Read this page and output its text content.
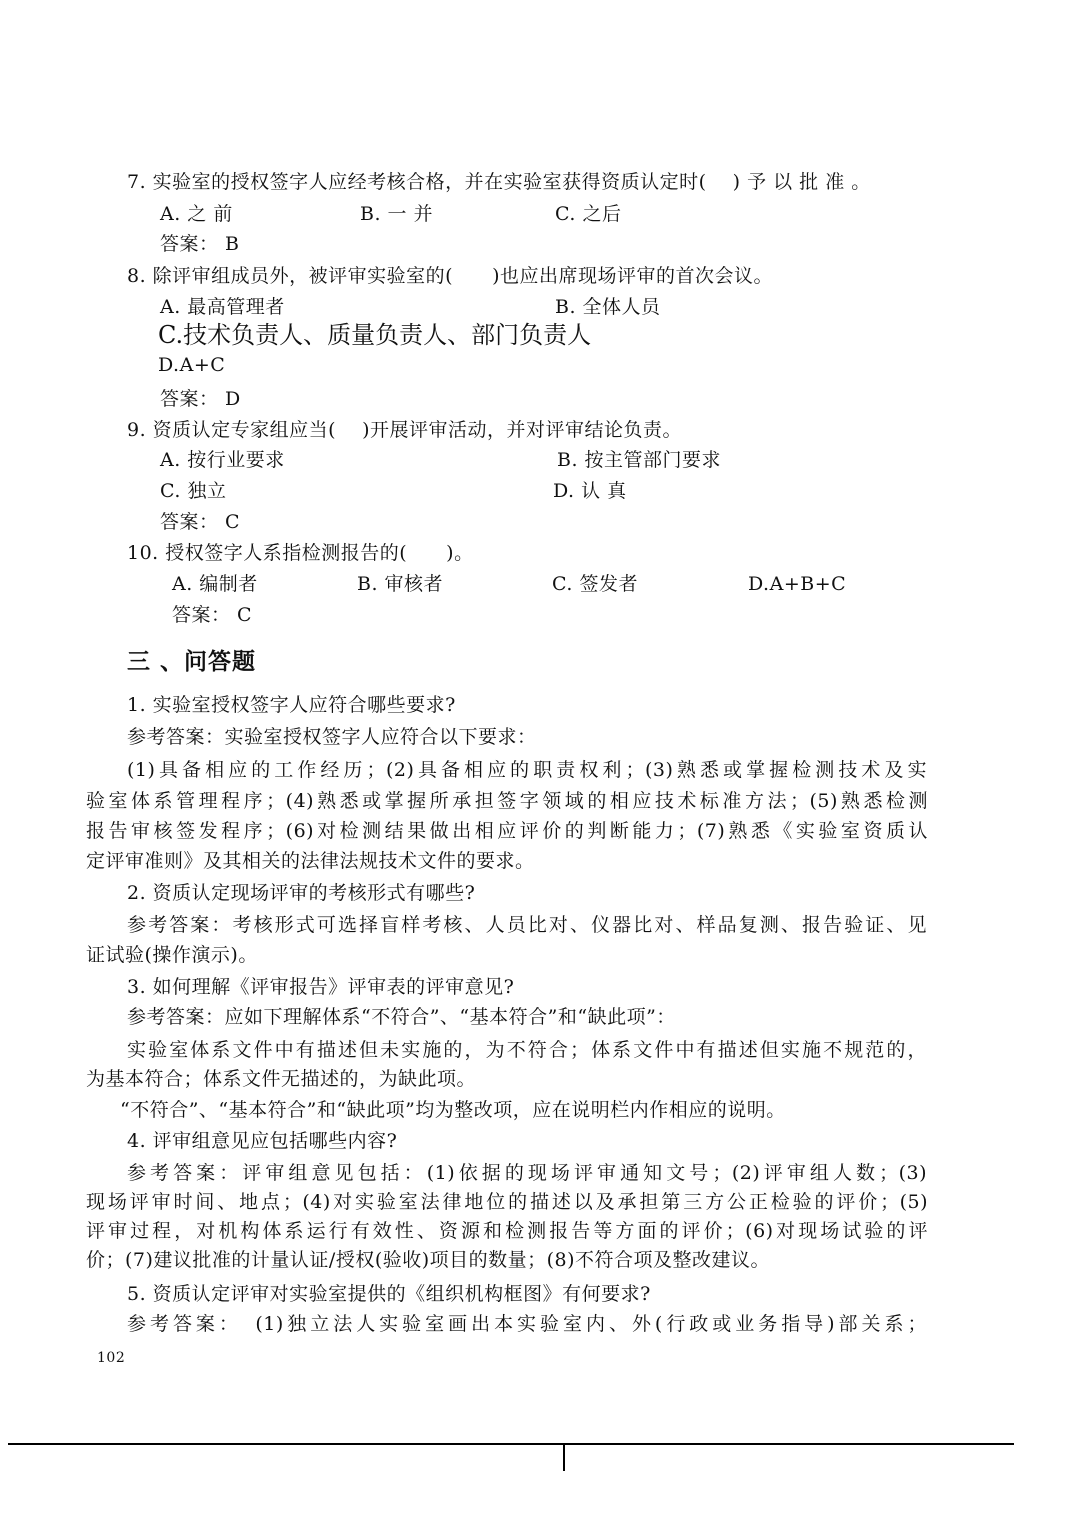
7. 实验室的授权签字人应经考核合格，并在实验室获得资质认定时(　 ) 予 以 批 准 。
A. 之 前	B. 一 并	C. 之后
答案： B
8. 除评审组成员外，被评审实验室的(　　)也应出席现场评审的首次会议。
A. 最高管理者	B. 全体人员
C.技术负责人、质量负责人、部门负责人
D.A+C
答案： D
9. 资质认定专家组应当(　 )开展评审活动，并对评审结论负责。
A. 按行业要求	B. 按主管部门要求
C. 独立	D. 认 真
答案： C
10. 授权签字人系指检测报告的(　　)。
A. 编制者	B. 审核者	C. 签发者	D.A+B+C
答案： C
三 、问答题
1. 实验室授权签字人应符合哪些要求?
参考答案：实验室授权签字人应符合以下要求：
(1)具备相应的工作经历；(2)具备相应的职责权利；(3)熟悉或掌握检测技术及实
验室体系管理程序；(4)熟悉或掌握所承担签字领域的相应技术标准方法；(5)熟悉检测
报告审核签发程序；(6)对检测结果做出相应评价的判断能力；(7)熟悉《实验室资质认
定评审准则》及其相关的法律法规技术文件的要求。
2. 资质认定现场评审的考核形式有哪些?
参考答案：考核形式可选择盲样考核、人员比对、仪器比对、样品复测、报告验证、见
证试验(操作演示)。
3. 如何理解《评审报告》评审表的评审意见?
参考答案：应如下理解体系“不符合”、“基本符合”和“缺此项”：
实验室体系文件中有描述但未实施的，为不符合；体系文件中有描述但实施不规范的，
为基本符合；体系文件无描述的，为缺此项。
“不符合”、“基本符合”和“缺此项”均为整改项，应在说明栏内作相应的说明。
4. 评审组意见应包括哪些内容?
参考答案：评审组意见包括：(1)依据的现场评审通知文号；(2)评审组人数；(3)
现场评审时间、地点；(4)对实验室法律地位的描述以及承担第三方公正检验的评价；(5)
评审过程，对机构体系运行有效性、资源和检测报告等方面的评价；(6)对现场试验的评
价；(7)建议批准的计量认证/授权(验收)项目的数量；(8)不符合项及整改建议。
5. 资质认定评审对实验室提供的《组织机构框图》有何要求?
参考答案：　(1)独立法人实验室画出本实验室内、外(行政或业务指导)部关系；
102
